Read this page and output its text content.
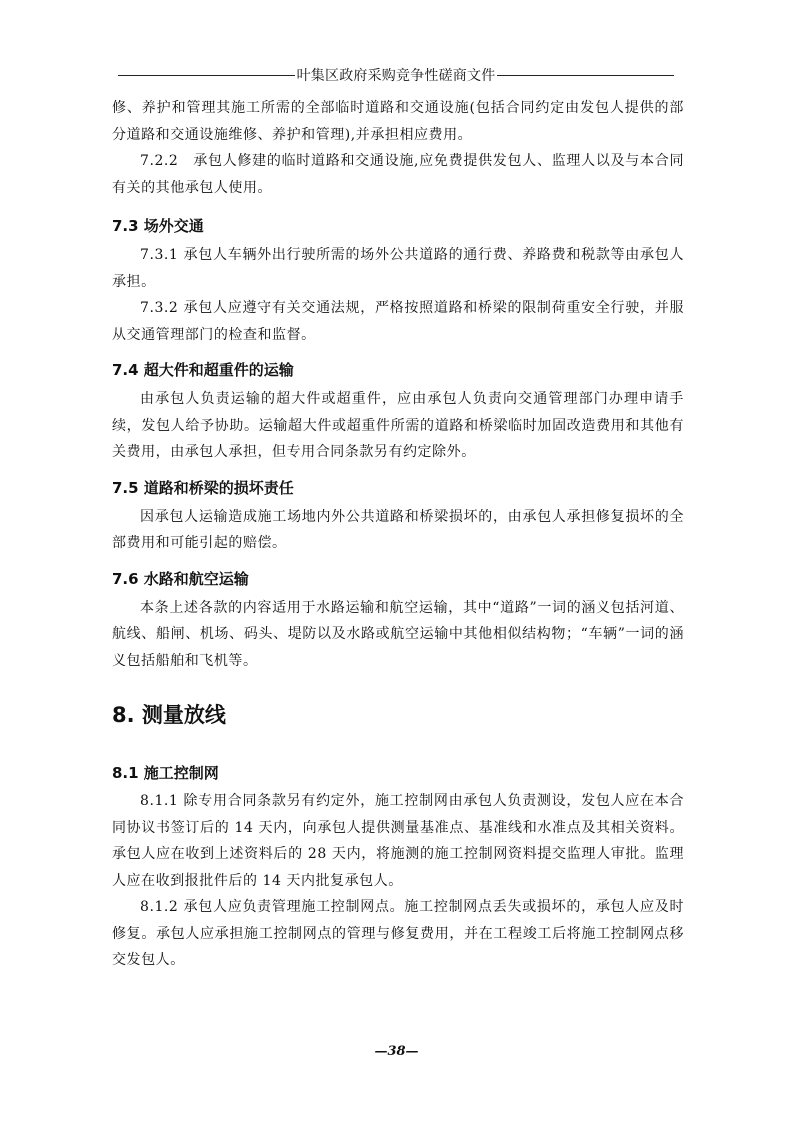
叶集区政府采购竞争性磋商文件

修、养护和管理其施工所需的全部临时道路和交通设施(包括合同约定由发包人提供的部分道路和交通设施维修、养护和管理),并承担相应费用。

7.2.2　承包人修建的临时道路和交通设施,应免费提供发包人、监理人以及与本合同有关的其他承包人使用。

7.3 场外交通

7.3.1 承包人车辆外出行驶所需的场外公共道路的通行费、养路费和税款等由承包人承担。

7.3.2 承包人应遵守有关交通法规，严格按照道路和桥梁的限制荷重安全行驶，并服从交通管理部门的检查和监督。

7.4 超大件和超重件的运输

由承包人负责运输的超大件或超重件，应由承包人负责向交通管理部门办理申请手续，发包人给予协助。运输超大件或超重件所需的道路和桥梁临时加固改造费用和其他有关费用，由承包人承担，但专用合同条款另有约定除外。

7.5 道路和桥梁的损坏责任

因承包人运输造成施工场地内外公共道路和桥梁损坏的，由承包人承担修复损坏的全部费用和可能引起的赔偿。

7.6 水路和航空运输

本条上述各款的内容适用于水路运输和航空运输，其中“道路”一词的涵义包括河道、航线、船闸、机场、码头、堤防以及水路或航空运输中其他相似结构物；“车辆”一词的涵义包括船舶和飞机等。

8. 测量放线
8.1 施工控制网

8.1.1 除专用合同条款另有约定外，施工控制网由承包人负责测设，发包人应在本合同协议书签订后的 14 天内，向承包人提供测量基准点、基准线和水准点及其相关资料。承包人应在收到上述资料后的 28 天内，将施测的施工控制网资料提交监理人审批。监理人应在收到报批件后的 14 天内批复承包人。

8.1.2 承包人应负责管理施工控制网点。施工控制网点丢失或损坏的，承包人应及时修复。承包人应承担施工控制网点的管理与修复费用，并在工程竣工后将施工控制网点移交发包人。

—38—
